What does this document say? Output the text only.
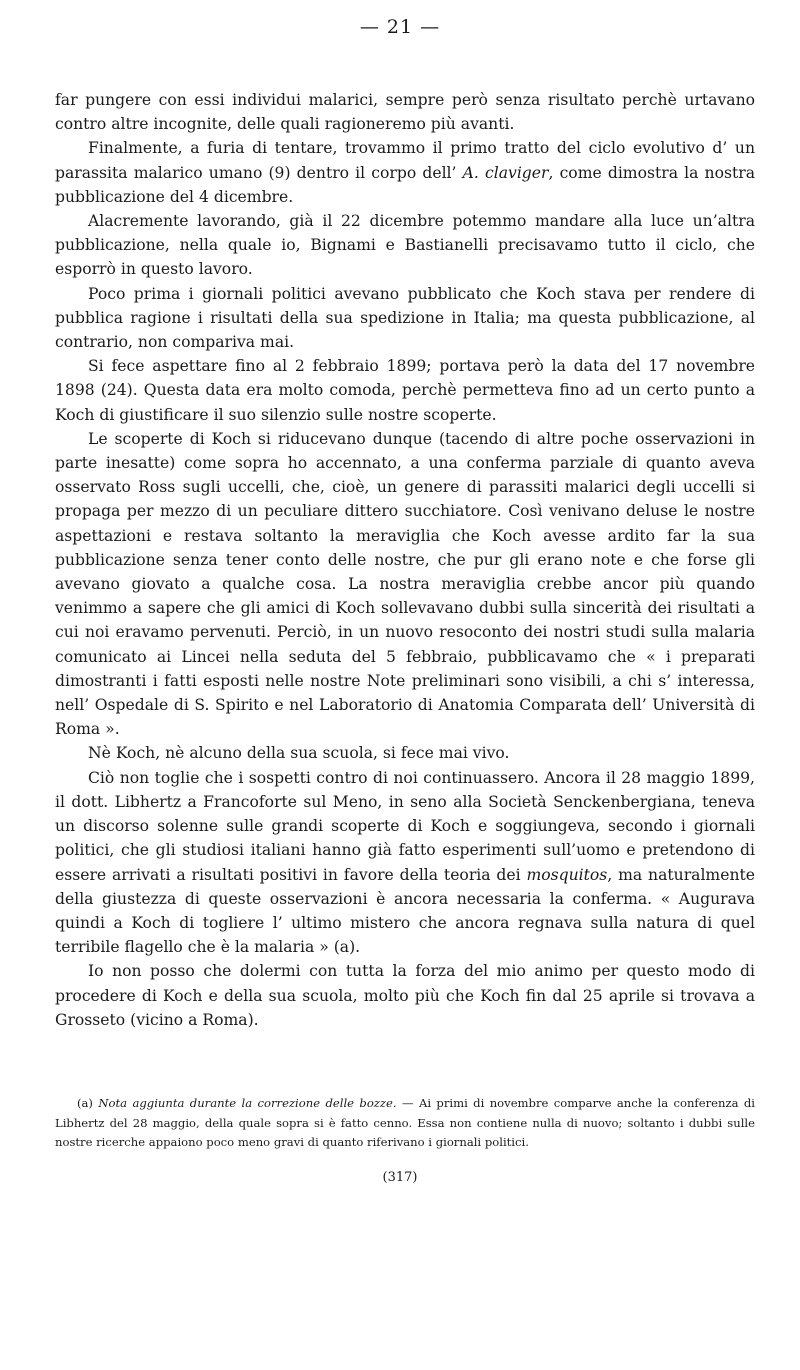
— 21 —

far pungere con essi individui malarici, sempre però senza risultato perchè urtavano contro altre incognite, delle quali ragioneremo più avanti.

Finalmente, a furia di tentare, trovammo il primo tratto del ciclo evolutivo d’ un parassita malarico umano (9) dentro il corpo dell’ A. claviger, come dimostra la nostra pubblicazione del 4 dicembre.

Alacremente lavorando, già il 22 dicembre potemmo mandare alla luce un’altra pubblicazione, nella quale io, Bignami e Bastianelli precisavamo tutto il ciclo, che esporrò in questo lavoro.

Poco prima i giornali politici avevano pubblicato che Koch stava per rendere di pubblica ragione i risultati della sua spedizione in Italia; ma questa pubblicazione, al contrario, non compariva mai.

Si fece aspettare fino al 2 febbraio 1899; portava però la data del 17 novembre 1898 (24). Questa data era molto comoda, perchè permetteva fino ad un certo punto a Koch di giustificare il suo silenzio sulle nostre scoperte.

Le scoperte di Koch si riducevano dunque (tacendo di altre poche osservazioni in parte inesatte) come sopra ho accennato, a una conferma parziale di quanto aveva osservato Ross sugli uccelli, che, cioè, un genere di parassiti malarici degli uccelli si propaga per mezzo di un peculiare dittero succhiatore. Così venivano deluse le nostre aspettazioni e restava soltanto la meraviglia che Koch avesse ardito far la sua pubblicazione senza tener conto delle nostre, che pur gli erano note e che forse gli avevano giovato a qualche cosa. La nostra meraviglia crebbe ancor più quando venimmo a sapere che gli amici di Koch sollevavano dubbi sulla sincerità dei risultati a cui noi eravamo pervenuti. Perciò, in un nuovo resoconto dei nostri studi sulla malaria comunicato ai Lincei nella seduta del 5 febbraio, pubblicavamo che « i preparati dimostranti i fatti esposti nelle nostre Note preliminari sono visibili, a chi s’ interessa, nell’ Ospedale di S. Spirito e nel Laboratorio di Anatomia Comparata dell’ Università di Roma ».

Nè Koch, nè alcuno della sua scuola, si fece mai vivo.

Ciò non toglie che i sospetti contro di noi continuassero. Ancora il 28 maggio 1899, il dott. Libhertz a Francoforte sul Meno, in seno alla Società Senckenbergiana, teneva un discorso solenne sulle grandi scoperte di Koch e soggiungeva, secondo i giornali politici, che gli studiosi italiani hanno già fatto esperimenti sull’uomo e pretendono di essere arrivati a risultati positivi in favore della teoria dei mosquitos, ma naturalmente della giustezza di queste osservazioni è ancora necessaria la conferma. « Augurava quindi a Koch di togliere l’ ultimo mistero che ancora regnava sulla natura di quel terribile flagello che è la malaria » (a).

Io non posso che dolermi con tutta la forza del mio animo per questo modo di procedere di Koch e della sua scuola, molto più che Koch fin dal 25 aprile si trovava a Grosseto (vicino a Roma).

(a) Nota aggiunta durante la correzione delle bozze. — Ai primi di novembre comparve anche la conferenza di Libhertz del 28 maggio, della quale sopra si è fatto cenno. Essa non contiene nulla di nuovo; soltanto i dubbi sulle nostre ricerche appaiono poco meno gravi di quanto riferivano i giornali politici.
(317)
